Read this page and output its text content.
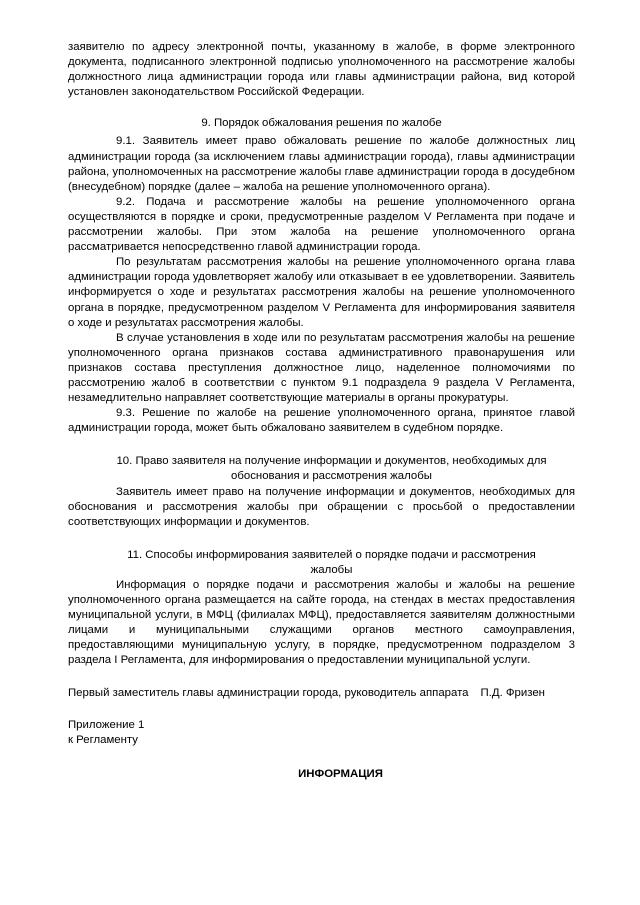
заявителю по адресу электронной почты, указанному в жалобе, в форме электронного документа, подписанного электронной подписью уполномоченного на рассмотрение жалобы должностного лица администрации города или главы администрации района, вид которой установлен законодательством Российской Федерации.

9. Порядок обжалования решения по жалобе

9.1. Заявитель имеет право обжаловать решение по жалобе должностных лиц администрации города (за исключением главы администрации города), главы администрации района, уполномоченных на рассмотрение жалобы главе администрации города в досудебном (внесудебном) порядке (далее – жалоба на решение уполномоченного органа).

9.2. Подача и рассмотрение жалобы на решение уполномоченного органа осуществляются в порядке и сроки, предусмотренные разделом V Регламента при подаче и рассмотрении жалобы. При этом жалоба на решение уполномоченного органа рассматривается непосредственно главой администрации города.

По результатам рассмотрения жалобы на решение уполномоченного органа глава администрации города удовлетворяет жалобу или отказывает в ее удовлетворении. Заявитель информируется о ходе и результатах рассмотрения жалобы на решение уполномоченного органа в порядке, предусмотренном разделом V Регламента для информирования заявителя о ходе и результатах рассмотрения жалобы.

В случае установления в ходе или по результатам рассмотрения жалобы на решение уполномоченного органа признаков состава административного правонарушения или признаков состава преступления должностное лицо, наделенное полномочиями по рассмотрению жалоб в соответствии с пунктом 9.1 подраздела 9 раздела V Регламента, незамедлительно направляет соответствующие материалы в органы прокуратуры.

9.3. Решение по жалобе на решение уполномоченного органа, принятое главой администрации города, может быть обжаловано заявителем в судебном порядке.

10. Право заявителя на получение информации и документов, необходимых для обоснования и рассмотрения жалобы

Заявитель имеет право на получение информации и документов, необходимых для обоснования и рассмотрения жалобы при обращении с просьбой о предоставлении соответствующих информации и документов.

11. Способы информирования заявителей о порядке подачи и рассмотрения жалобы

Информация о порядке подачи и рассмотрения жалобы и жалобы на решение уполномоченного органа размещается на сайте города, на стендах в местах предоставления муниципальной услуги, в МФЦ (филиалах МФЦ), предоставляется заявителям должностными лицами и муниципальными служащими органов местного самоуправления, предоставляющими муниципальную услугу, в порядке, предусмотренном подразделом 3 раздела I Регламента, для информирования о предоставлении муниципальной услуги.

Первый заместитель главы администрации города, руководитель аппарата П.Д. Фризен

Приложение 1
к Регламенту

ИНФОРМАЦИЯ
